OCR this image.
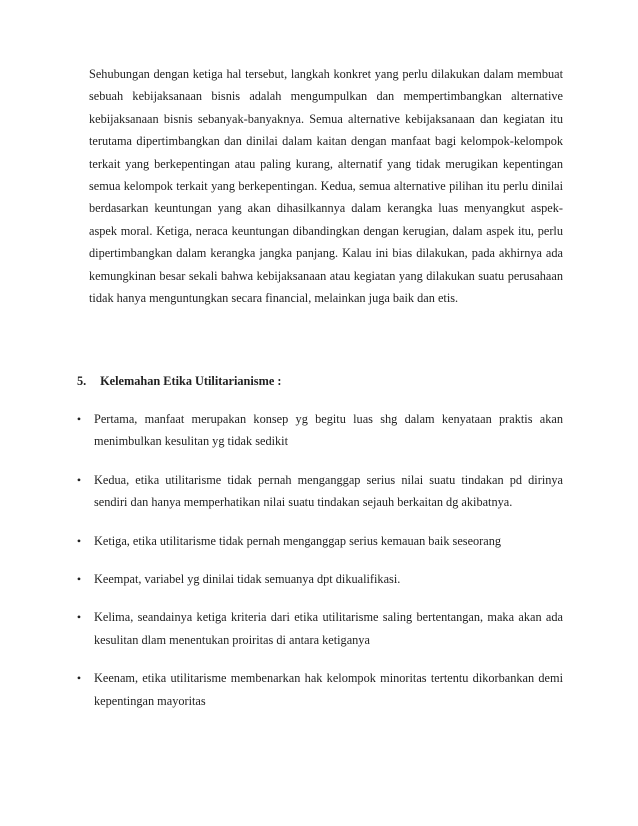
Sehubungan dengan ketiga hal tersebut, langkah konkret yang perlu dilakukan dalam membuat sebuah kebijaksanaan bisnis adalah mengumpulkan dan mempertimbangkan alternative kebijaksanaan bisnis sebanyak-banyaknya. Semua alternative kebijaksanaan dan kegiatan itu terutama dipertimbangkan dan dinilai dalam kaitan dengan manfaat bagi kelompok-kelompok terkait yang berkepentingan atau paling kurang, alternatif yang tidak merugikan kepentingan semua kelompok terkait yang berkepentingan. Kedua, semua alternative pilihan itu perlu dinilai berdasarkan keuntungan yang akan dihasilkannya dalam kerangka luas menyangkut aspek-aspek moral. Ketiga, neraca keuntungan dibandingkan dengan kerugian, dalam aspek itu, perlu dipertimbangkan dalam kerangka jangka panjang. Kalau ini bias dilakukan, pada akhirnya ada kemungkinan besar sekali bahwa kebijaksanaan atau kegiatan yang dilakukan suatu perusahaan tidak hanya menguntungkan secara financial, melainkan juga baik dan etis.

5. Kelemahan Etika Utilitarianisme :

• Pertama, manfaat merupakan konsep yg begitu luas shg dalam kenyataan praktis akan menimbulkan kesulitan yg tidak sedikit
• Kedua, etika utilitarisme tidak pernah menganggap serius nilai suatu tindakan pd dirinya sendiri dan hanya memperhatikan nilai suatu tindakan sejauh berkaitan dg akibatnya.
• Ketiga, etika utilitarisme tidak pernah menganggap serius kemauan baik seseorang
• Keempat, variabel yg dinilai tidak semuanya dpt dikualifikasi.
• Kelima, seandainya ketiga kriteria dari etika utilitarisme saling bertentangan, maka akan ada kesulitan dlam menentukan proiritas di antara ketiganya
• Keenam, etika utilitarisme membenarkan hak kelompok minoritas tertentu dikorbankan demi kepentingan mayoritas
